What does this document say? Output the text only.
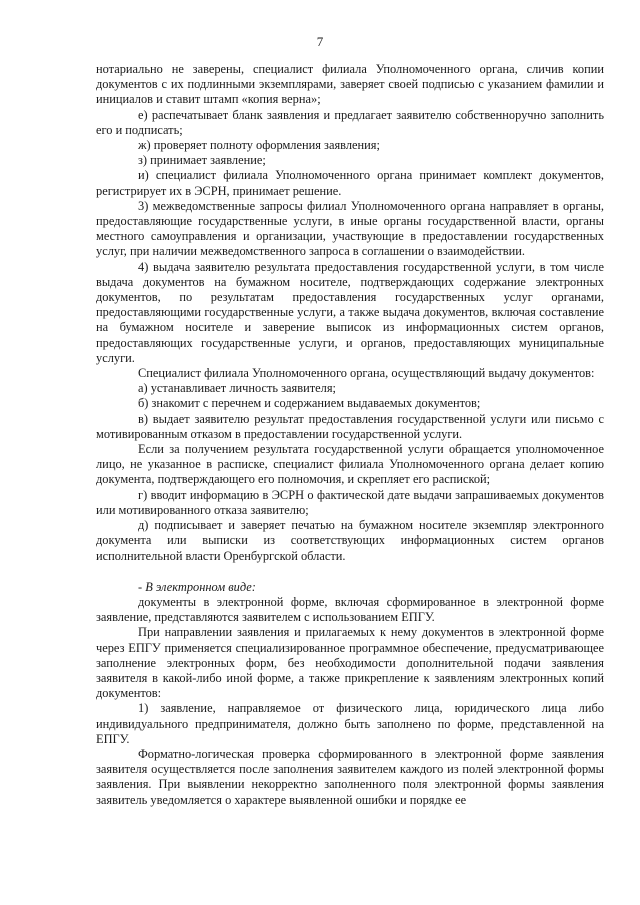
7

нотариально не заверены, специалист филиала Уполномоченного органа, сличив копии документов с их подлинными экземплярами, заверяет своей подписью с указанием фамилии и инициалов и ставит штамп «копия верна»;

е) распечатывает бланк заявления и предлагает заявителю собственноручно заполнить его и подписать;

ж) проверяет полноту оформления заявления;

з) принимает заявление;

и) специалист филиала Уполномоченного органа принимает комплект документов, регистрирует их в ЭСРН, принимает решение.

3) межведомственные запросы филиал Уполномоченного органа направляет в органы, предоставляющие государственные услуги, в иные органы государственной власти, органы местного самоуправления и организации, участвующие в предоставлении государственных услуг, при наличии межведомственного запроса в соглашении о взаимодействии.

4) выдача заявителю результата предоставления государственной услуги, в том числе выдача документов на бумажном носителе, подтверждающих содержание электронных документов, по результатам предоставления государственных услуг органами, предоставляющими государственные услуги, а также выдача документов, включая составление на бумажном носителе и заверение выписок из информационных систем органов, предоставляющих государственные услуги, и органов, предоставляющих муниципальные услуги.

Специалист филиала Уполномоченного органа, осуществляющий выдачу документов:

а) устанавливает личность заявителя;

б) знакомит с перечнем и содержанием выдаваемых документов;

в) выдает заявителю результат предоставления государственной услуги или письмо с мотивированным отказом в предоставлении государственной услуги.

Если за получением результата государственной услуги обращается уполномоченное лицо, не указанное в расписке, специалист филиала Уполномоченного органа делает копию документа, подтверждающего его полномочия, и скрепляет его распиской;

г) вводит информацию в ЭСРН о фактической дате выдачи запрашиваемых документов или мотивированного отказа заявителю;

д) подписывает и заверяет печатью на бумажном носителе экземпляр электронного документа или выписки из соответствующих информационных систем органов исполнительной власти Оренбургской области.

- В электронном виде:

документы в электронной форме, включая сформированное в электронной форме заявление, представляются заявителем с использованием ЕПГУ.

При направлении заявления и прилагаемых к нему документов в электронной форме через ЕПГУ применяется специализированное программное обеспечение, предусматривающее заполнение электронных форм, без необходимости дополнительной подачи заявления заявителя в какой-либо иной форме, а также прикрепление к заявлениям электронных копий документов:

1) заявление, направляемое от физического лица, юридического лица либо индивидуального предпринимателя, должно быть заполнено по форме, представленной на ЕПГУ.

Форматно-логическая проверка сформированного в электронной форме заявления заявителя осуществляется после заполнения заявителем каждого из полей электронной формы заявления. При выявлении некорректно заполненного поля электронной формы заявления заявитель уведомляется о характере выявленной ошибки и порядке ее
